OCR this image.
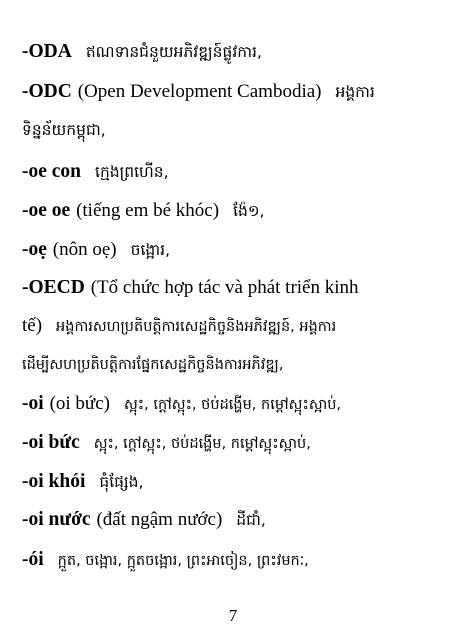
-ODA ឥណទានជំនួយអភិវឌ្ឍន៍ផ្លូវការ,
-ODC (Open Development Cambodia) អង្គការ
ទិន្នន័យកម្ពុជា,
-oe con ក្មេងព្រហើន,
-oe oe (tiếng em bé khóc) ង៉ែ១,
-oẹ (nôn oẹ) ចង្អោរ,
-OECD (Tổ chức hợp tác và phát triển kinh
tế) អង្គការសហប្រតិបត្តិការសេដ្ឋកិច្ចនិងអភិវឌ្ឍន៍, អង្គការ
ដើម្បីសហប្រតិបត្តិការផ្នែកសេដ្ឋកិច្ចនិងការអភិវឌ្ឍ,
-oi (oi bức) ស្អុះ, ក្ដៅស្អុះ, ថប់ដង្ហើម, កម្ដៅស្អុះស្អាប់,
-oi bức ស្អុះ, ក្ដៅស្អុះ, ថប់ដង្ហើម, កម្ដៅស្អុះស្អាប់,
-oi khói ធុំផ្សែង,
-oi nước (đất ngậm nước) ដីជាំ,
-ói ក្អួត, ចង្អោរ, ក្អួតចង្អោរ, ព្រះអាចៀន, ព្រះវមកៈ,
7
